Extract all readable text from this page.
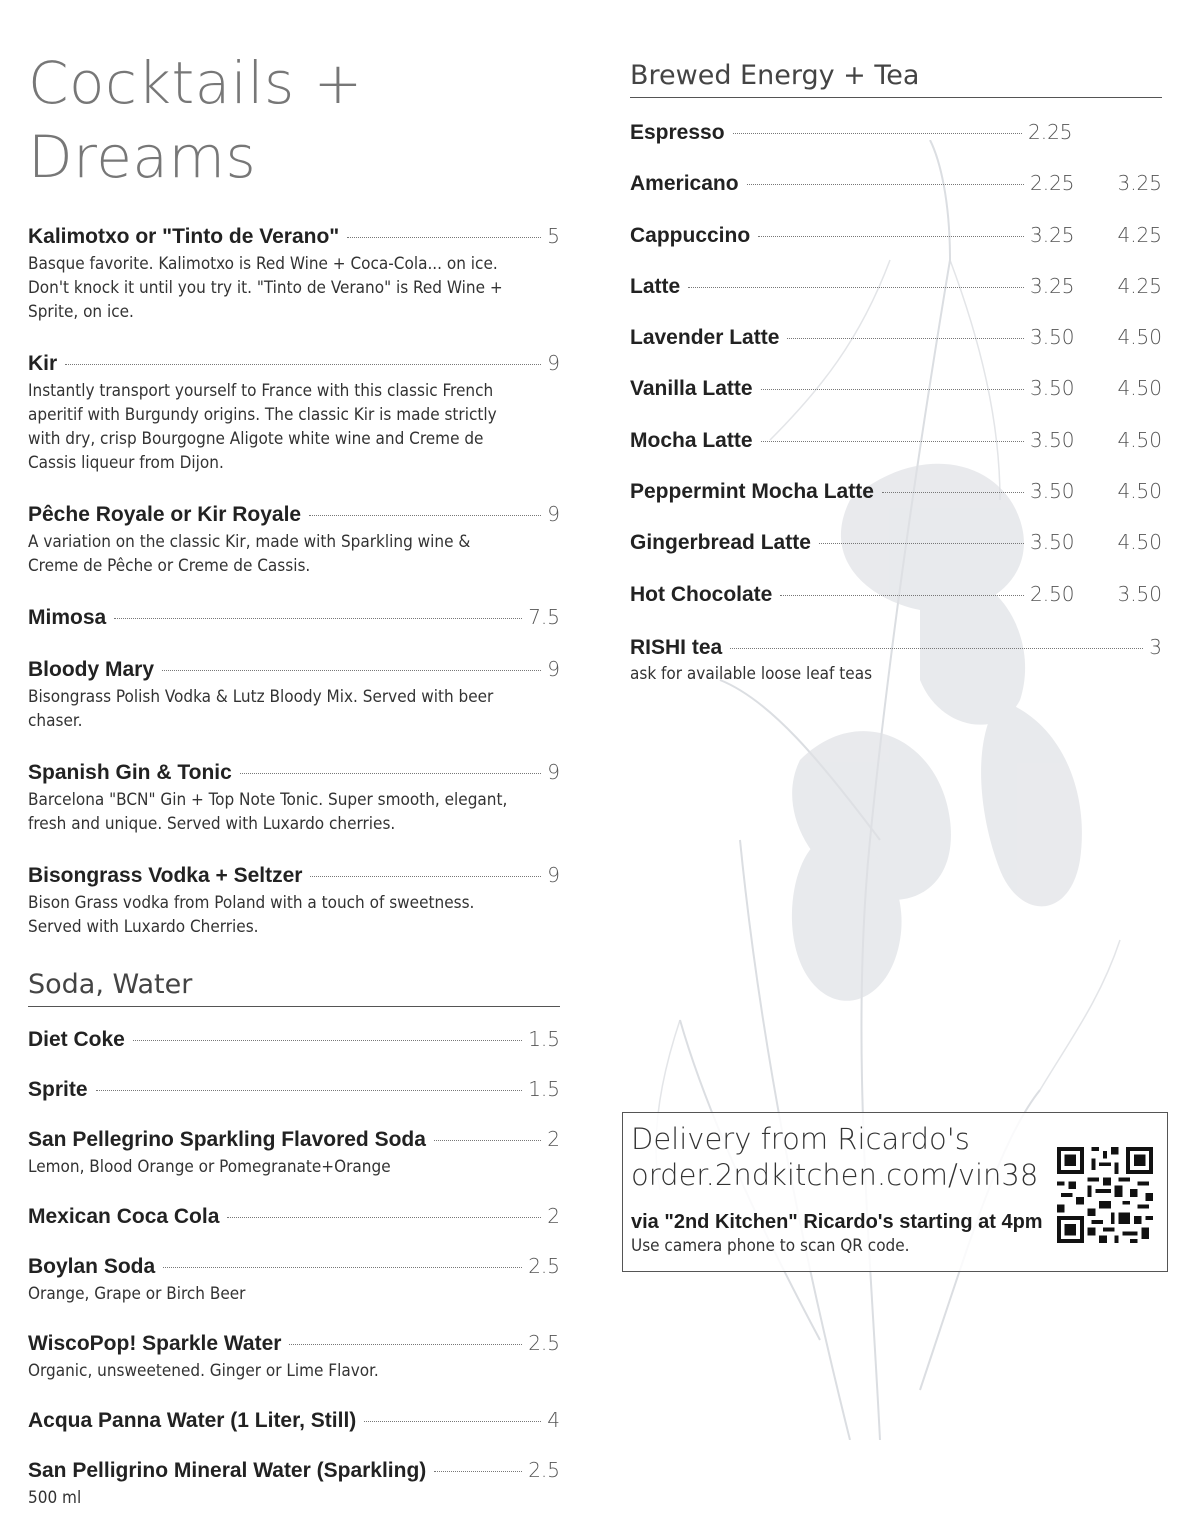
Cocktails +
Dreams
Kalimotxo or "Tinto de Verano"	5
Basque favorite. Kalimotxo is Red Wine + Coca-Cola... on ice. Don't knock it until you try it. "Tinto de Verano" is Red Wine + Sprite, on ice.
Kir	9
Instantly transport yourself to France with this classic French aperitif with Burgundy origins. The classic Kir is made strictly with dry, crisp Bourgogne Aligote white wine and Creme de Cassis liqueur from Dijon.
Pêche Royale or Kir Royale	9
A variation on the classic Kir, made with Sparkling wine & Creme de Pêche or Creme de Cassis.
Mimosa	7.5
Bloody Mary	9
Bisongrass Polish Vodka & Lutz Bloody Mix. Served with beer chaser.
Spanish Gin & Tonic	9
Barcelona "BCN" Gin + Top Note Tonic. Super smooth, elegant, fresh and unique. Served with Luxardo cherries.
Bisongrass Vodka + Seltzer	9
Bison Grass vodka from Poland with a touch of sweetness. Served with Luxardo Cherries.
Soda, Water
Diet Coke	1.5
Sprite	1.5
San Pellegrino Sparkling Flavored Soda	2
Lemon, Blood Orange or Pomegranate+Orange
Mexican Coca Cola	2
Boylan Soda	2.5
Orange, Grape or Birch Beer
WiscoPop! Sparkle Water	2.5
Organic, unsweetened. Ginger or Lime Flavor.
Acqua Panna Water (1 Liter, Still)	4
San Pelligrino Mineral Water (Sparkling)	2.5
500 ml
Brewed Energy + Tea
Espresso	2.25
Americano	2.25	3.25
Cappuccino	3.25	4.25
Latte	3.25	4.25
Lavender Latte	3.50	4.50
Vanilla Latte	3.50	4.50
Mocha Latte	3.50	4.50
Peppermint Mocha Latte	3.50	4.50
Gingerbread Latte	3.50	4.50
Hot Chocolate	2.50	3.50
RISHI tea	3
ask for available loose leaf teas
Delivery from Ricardo's
order.2ndkitchen.com/vin38
via "2nd Kitchen" Ricardo's starting at 4pm
Use camera phone to scan QR code.
